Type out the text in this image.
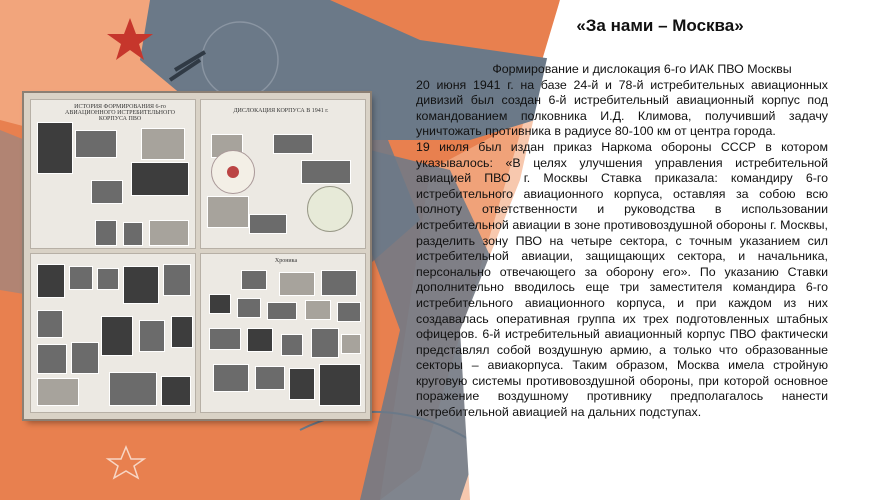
ИСТОРИЯ ФОРМИРОВАНИЯ 6-го АВИАЦИОННОГО ИСТРЕБИТЕЛЬНОГО КОРПУСА ПВО
ДИСЛОКАЦИЯ КОРПУСА В 1941 г.
Хроника
«За нами – Москва»

Формирование и дислокация 6-го ИАК ПВО Москвы

20 июня 1941 г. на базе 24-й и 78-й истребительных авиационных дивизий был создан 6-й истребительный авиационный корпус под командованием полковника И.Д. Климова, получивший задачу уничтожать противника в радиусе 80-100 км от центра города.

19 июля был издан приказ Наркома обороны СССР в котором указывалось: «В целях улучшения управления истребительной авиацией ПВО г. Москвы Ставка приказала: командиру 6-го истребительного авиационного корпуса, оставляя за собою всю полноту ответственности и руководства в использовании истребительной авиации в зоне противовоздушной обороны г. Москвы, разделить зону ПВО на четыре сектора, с точным указанием сил истребительной авиации, защищающих сектора, и начальника, персонально отвечающего за оборону его». По указанию Ставки дополнительно вводилось еще три заместителя командира 6-го истребительного авиационного корпуса, и при каждом из них создавалась оперативная группа их трех подготовленных штабных офицеров. 6-й истребительный авиационный корпус ПВО фактически представлял собой воздушную армию, а только что образованные секторы – авиакорпуса. Таким образом, Москва имела стройную круговую системы противовоздушной обороны, при которой основное поражение воздушному противнику предполагалось нанести истребительной авиацией на дальних подступах.
